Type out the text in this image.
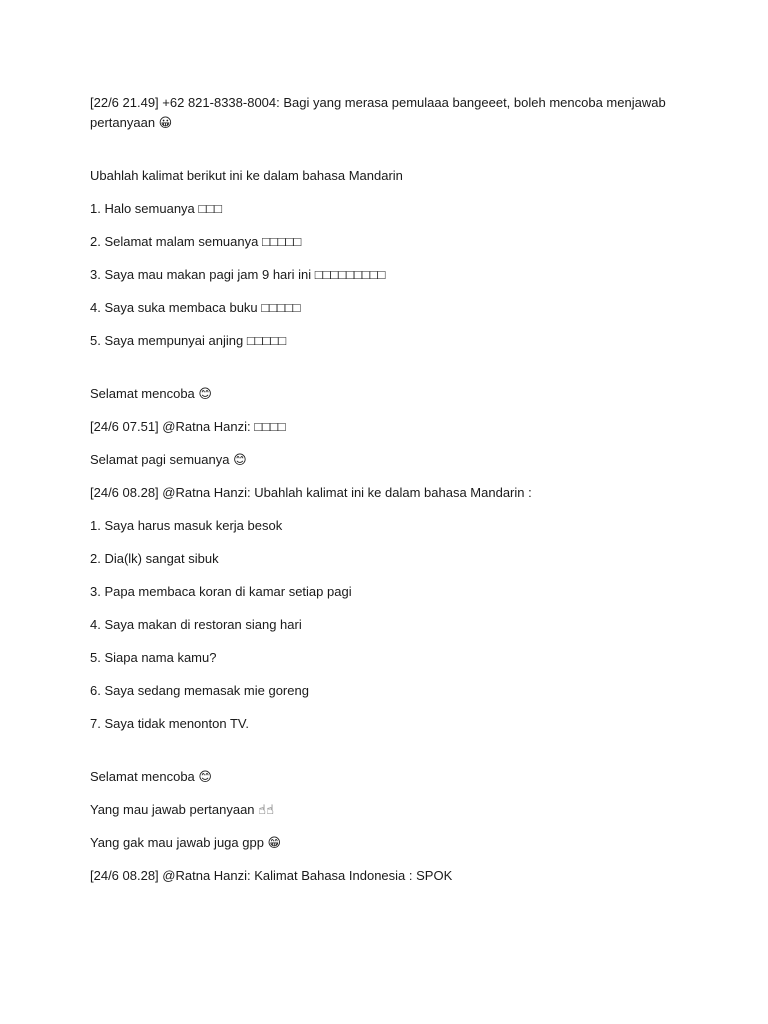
[22/6 21.49] +62 821-8338-8004: Bagi yang merasa pemulaaa bangeeet, boleh mencoba menjawab pertanyaan 😀

Ubahlah kalimat berikut ini ke dalam bahasa Mandarin

1. Halo semuanya □□□

2. Selamat malam semuanya □□□□□

3. Saya mau makan pagi jam 9 hari ini □□□□□□□□□

4. Saya suka membaca buku □□□□□

5. Saya mempunyai anjing □□□□□

Selamat mencoba 😊

[24/6 07.51] @Ratna Hanzi: □□□□

Selamat pagi semuanya 😊

[24/6 08.28] @Ratna Hanzi: Ubahlah kalimat ini ke dalam bahasa Mandarin :

1. Saya harus masuk kerja besok

2. Dia(lk) sangat sibuk

3. Papa membaca koran di kamar setiap pagi

4. Saya makan di restoran siang hari

5. Siapa nama kamu?

6. Saya sedang memasak mie goreng

7. Saya tidak menonton TV.

Selamat mencoba 😊

Yang mau jawab pertanyaan ☝☝

Yang gak mau jawab juga gpp 😁

[24/6 08.28] @Ratna Hanzi: Kalimat Bahasa Indonesia : SPOK
